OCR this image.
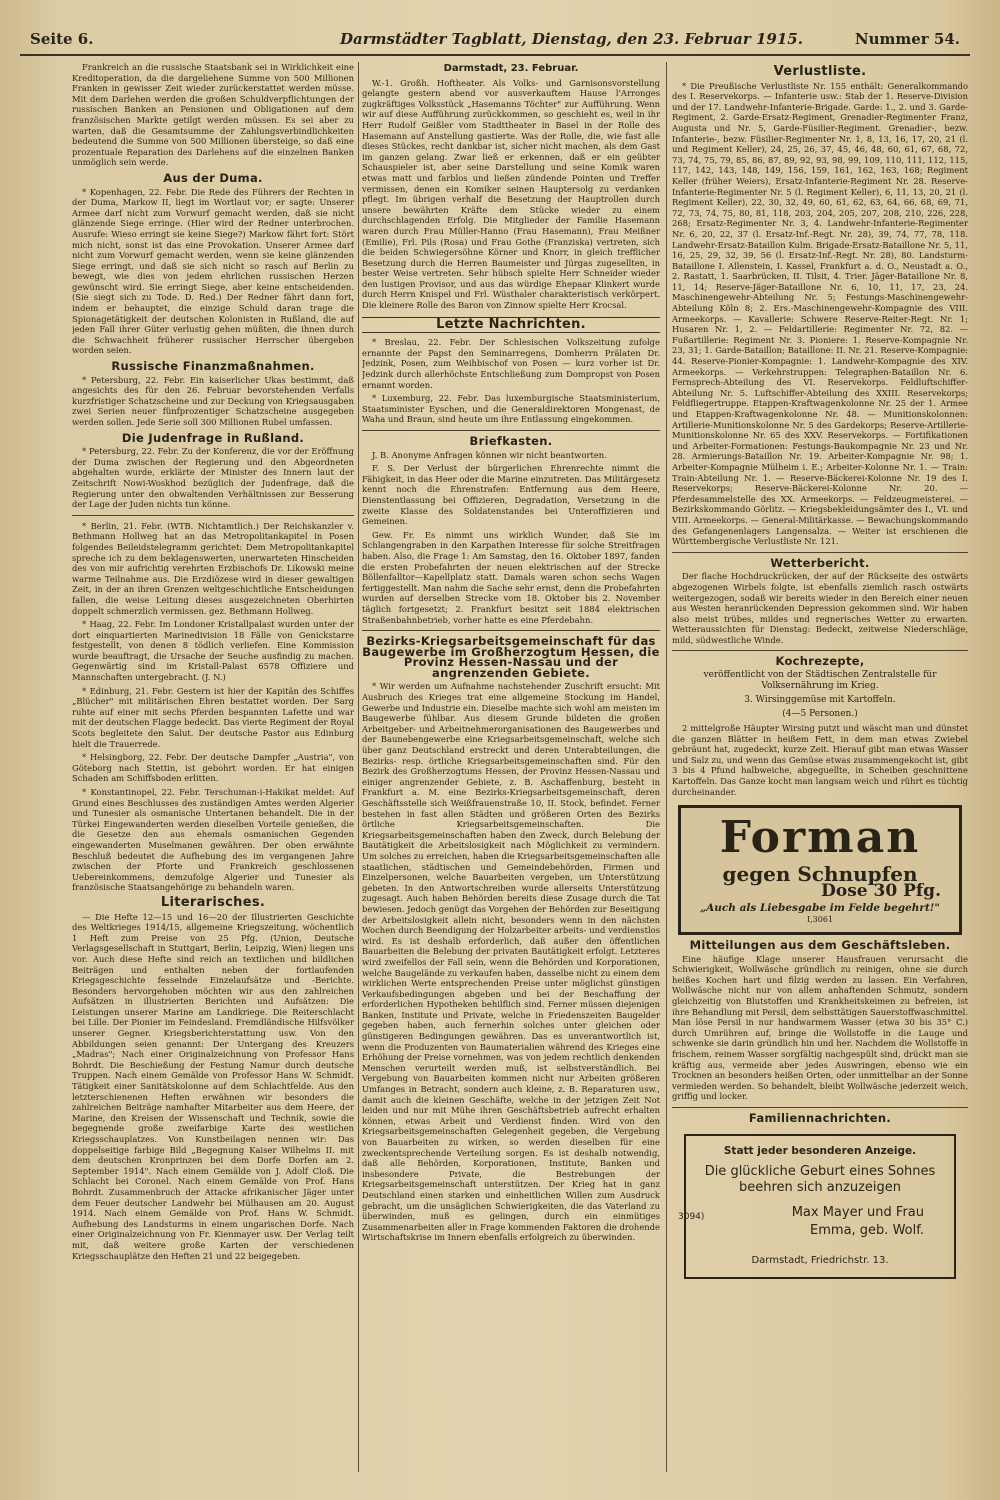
Seite 6.	Darmstädter Tagblatt, Dienstag, den 23. Februar 1915.	Nummer 54.

Frankreich an die russische Staatsbank sei in Wirklichkeit eine Kreditoperation, da die dargeliehene Summe von 500 Millionen Franken in gewisser Zeit wieder zurückerstattet werden müsse. Mit dem Darlehen werden die großen Schuldverpflichtungen der russischen Banken an Pensionen und Obligationen auf dem französischen Markte getilgt werden müssen. Es sei aber zu warten, daß die Gesamtsumme der Zahlungsverbindlichkeiten bedeutend die Summe von 500 Millionen übersteige, so daß eine prozentuale Reparation des Darlehens auf die einzelnen Banken unmöglich sein werde.

Aus der Duma.

* Kopenhagen, 22. Febr. Die Rede des Führers der Rechten in der Duma, Markow II, liegt im Wortlaut vor; er sagte: Unserer Armee darf nicht zum Vorwurf gemacht werden, daß sie nicht glänzende Siege erringe. (Hier wird der Redner unterbrochen. Ausrufe: Wieso erringt sie keine Siege?) Markow fährt fort: Stört mich nicht, sonst ist das eine Provokation. Unserer Armee darf nicht zum Vorwurf gemacht werden, wenn sie keine glänzenden Siege erringt, und daß sie sich nicht so rasch auf Berlin zu bewegt, wie dies von jedem ehrlichen russischen Herzen gewünscht wird. Sie erringt Siege, aber keine entscheidenden. (Sie siegt sich zu Tode. D. Red.) Der Redner fährt dann fort, indem er behauptet, die einzige Schuld daran trage die Spionagetätigkeit der deutschen Kolonisten in Rußland, die auf jeden Fall ihrer Güter verlustig gehen müßten, die ihnen durch die Schwachheit früherer russischer Herrscher übergeben worden seien.

Russische Finanzmaßnahmen.

* Petersburg, 22. Febr. Ein kaiserlicher Ukas bestimmt, daß angesichts des für den 26. Februar bevorstehenden Verfalls kurzfristiger Schatzscheine und zur Deckung von Kriegsausgaben zwei Serien neuer fünfprozentiger Schatzscheine ausgegeben werden sollen. Jede Serie soll 300 Millionen Rubel umfassen.

Die Judenfrage in Rußland.

* Petersburg, 22. Febr. Zu der Konferenz, die vor der Eröffnung der Duma zwischen der Regierung und den Abgeordneten abgehalten wurde, erklärte der Minister des Innern laut der Zeitschrift Nowi-Woskhod bezüglich der Judenfrage, daß die Regierung unter den obwaltenden Verhältnissen zur Besserung der Lage der Juden nichts tun könne.

* Berlin, 21. Febr. (WTB. Nichtamtlich.) Der Reichskanzler v. Bethmann Hollweg hat an das Metropolitankapitel in Posen folgendes Beileidstelegramm gerichtet: Dem Metropolitankapitel spreche ich zu dem beklagenswerten, unerwarteten Hinscheiden des von mir aufrichtig verehrten Erzbischofs Dr. Likowski meine warme Teilnahme aus. Die Erzdiözese wird in dieser gewaltigen Zeit, in der an ihren Grenzen weltgeschichtliche Entscheidungen fallen, die weise Leitung dieses ausgezeichneten Oberhirten doppelt schmerzlich vermissen. gez. Bethmann Hollweg.

* Haag, 22. Febr. Im Londoner Kristallpalast wurden unter der dort einquartierten Marinedivision 18 Fälle von Genickstarre festgestellt, von denen 8 tödlich verliefen. Eine Kommission wurde beauftragt, die Ursache der Seuche ausfindig zu machen. Gegenwärtig sind im Kristall-Palast 6578 Offiziere und Mannschaften untergebracht. (J. N.)

* Edinburg, 21. Febr. Gestern ist hier der Kapitän des Schiffes „Blücher" mit militärischen Ehren bestattet worden. Der Sarg ruhte auf einer mit sechs Pferden bespannten Lafette und war mit der deutschen Flagge bedeckt. Das vierte Regiment der Royal Scots begleitete den Salut. Der deutsche Pastor aus Edinburg hielt die Trauerrede.

* Helsingborg, 22. Febr. Der deutsche Dampfer „Austria", von Göteborg nach Stettin, ist gebohrt worden. Er hat einigen Schaden am Schiffsboden erlitten.

* Konstantinopel, 22. Febr. Terschuman-i-Hakikat meldet: Auf Grund eines Beschlusses des zuständigen Amtes werden Algerier und Tunesier als osmanische Untertanen behandelt. Die in der Türkei Eingewanderten werden dieselben Vorteile genießen, die die Gesetze den aus ehemals osmanischen Gegenden eingewanderten Muselmanen gewähren. Der oben erwähnte Beschluß bedeutet die Aufhebung des im vergangenen Jahre zwischen der Pforte und Frankreich geschlossenen Uebereinkommens, demzufolge Algerier und Tunesier als französische Staatsangehörige zu behandeln waren.

Literarisches.

— Die Hefte 12—15 und 16—20 der Illustrierten Geschichte des Weltkrieges 1914/15, allgemeine Kriegszeitung, wöchentlich 1 Heft zum Preise von 25 Pfg. (Union, Deutsche Verlagsgesellschaft in Stuttgart, Berlin, Leipzig, Wien) liegen uns vor. Auch diese Hefte sind reich an textlichen und bildlichen Beiträgen und enthalten neben der fortlaufenden Kriegsgeschichte fesselnde Einzelaufsätze und -Berichte. Besonders hervorgehoben möchten wir aus den zahlreichen Aufsätzen in illustrierten Berichten und Aufsätzen: Die Leistungen unserer Marine am Landkriege. Die Reiterschlacht bei Lille. Der Pionier im Feindesland. Fremdländische Hilfsvölker unserer Gegner. Kriegsberichterstattung usw. Von den Abbildungen seien genannt: Der Untergang des Kreuzers „Madras"; Nach einer Originalzeichnung von Professor Hans Bohrdt. Die Beschießung der Festung Namur durch deutsche Truppen. Nach einem Gemälde von Professor Hans W. Schmidt. Tätigkeit einer Sanitätskolonne auf dem Schlachtfelde. Aus den letzterschienenen Heften erwähnen wir besonders die zahlreichen Beiträge namhafter Mitarbeiter aus dem Heere, der Marine, den Kreisen der Wissenschaft und Technik, sowie die begegnende große zweifarbige Karte des westlichen Kriegsschauplatzes. Von Kunstbeilagen nennen wir: Das doppelseitige farbige Bild „Begegnung Kaiser Wilhelms II. mit dem deutschen Kronprinzen bei dem Dorfe Dorfen am 2. September 1914". Nach einem Gemälde von J. Adolf Cloß. Die Schlacht bei Coronel. Nach einem Gemälde von Prof. Hans Bohrdt. Zusammenbruch der Attacke afrikanischer Jäger unter dem Feuer deutscher Landwehr bei Mülhausen am 20. August 1914. Nach einem Gemälde von Prof. Hans W. Schmidt. Aufhebung des Landsturms in einem ungarischen Dorfe. Nach einer Originalzeichnung von Fr. Kienmayer usw. Der Verlag teilt mit, daß weitere große Karten der verschiedenen Kriegsschauplätze den Heften 21 und 22 beigegeben.

Darmstadt, 23. Februar.

W.-1. Großh. Hoftheater. Als Volks- und Garnisonsvorstellung gelangte gestern abend vor ausverkauftem Hause l'Arronges zugkräftiges Volksstück „Hasemanns Töchter" zur Aufführung. Wenn wir auf diese Aufführung zurückkommen, so geschieht es, weil in ihr Herr Rudolf Geißler vom Stadttheater in Basel in der Rolle des Hasemann auf Anstellung gastierte. Was der Rolle, die, wie fast alle dieses Stückes, recht dankbar ist, sicher nicht machen, als dem Gast im ganzen gelang. Zwar ließ er erkennen, daß er ein geübter Schauspieler ist, aber seine Darstellung und seine Komik waren etwas matt und farblos und ließen zündende Pointen und Treffer vermissen, denen ein Komiker seinen Hauptersolg zu verdanken pflegt. Im übrigen verhalf die Besetzung der Hauptrollen durch unsere bewährten Kräfte dem Stücke wieder zu einem durchschlagenden Erfolg. Die Mitglieder der Familie Hasemann waren durch Frau Müller-Hanno (Frau Hasemann), Frau Meißner (Emilie), Frl. Pils (Rosa) und Frau Gothe (Franziska) vertreten, sich die beiden Schwiegersöhne Körner und Knorr, in gleich trefflicher Besetzung durch die Herren Baumeister und Jürgas zugesellten, in bester Weise vertreten. Sehr hübsch spielte Herr Schneider wieder den lustigen Provisor, und aus das würdige Ehepaar Klinkert wurde durch Herrn Knispel und Frl. Wüsthaler charakteristisch verkörpert. Die kleinere Rolle des Baron von Zinnow spielte Herr Krocsal.

Letzte Nachrichten.

* Breslau, 22. Febr. Der Schlesischen Volkszeitung zufolge ernannte der Papst den Seminarregens, Domherrn Prälaten Dr. Jedzink, Posen, zum Weihbischof von Posen — kurz vorher ist Dr. Jedzink durch allerhöchste Entschließung zum Dompropst von Posen ernannt worden.

* Luxemburg, 22. Febr. Das luxemburgische Staatsministerium, Staatsminister Eyschen, und die Generaldirektoren Mongenast, de Waha und Braun, sind heute um ihre Entlassung eingekommen.

Briefkasten.

J. B. Anonyme Anfragen können wir nicht beantworten.

F. S. Der Verlust der bürgerlichen Ehrenrechte nimmt die Fähigkeit, in das Heer oder die Marine einzutreten. Das Militärgesetz kennt noch die Ehrenstrafen: Entfernung aus dem Heere, Dienstentlassung bei Offizieren, Degradation, Versetzung in die zweite Klasse des Soldatenstandes bei Unteroffizieren und Gemeinen.

Gew. Fr. Es nimmt uns wirklich Wunder, daß Sie im Schlangengraben in den Karpathen Interesse für solche Streitfragen haben. Also, die Frage 1: Am Samstag, den 16. Oktober 1897, fanden die ersten Probefahrten der neuen elektrischen auf der Strecke Böllenfalltor—Kapellplatz statt. Damals waren schon sechs Wagen fertiggestellt. Man nahm die Sache sehr ernst, denn die Probefahrten wurden auf derselben Strecke vom 18. Oktober bis 2. November täglich fortgesetzt; 2. Frankfurt besitzt seit 1884 elektrischen Straßenbahnbetrieb, vorher hatte es eine Pferdebahn.

Bezirks-Kriegsarbeitsgemeinschaft für das Baugewerbe im Großherzogtum Hessen, die Provinz Hessen-Nassau und der angrenzenden Gebiete.

* Wir werden um Aufnahme nachstehender Zuschrift ersucht: Mit Ausbruch des Krieges trat eine allgemeine Stockung im Handel, Gewerbe und Industrie ein. Dieselbe machte sich wohl am meisten im Baugewerbe fühlbar. Aus diesem Grunde bildeten die großen Arbeitgeber- und Arbeitnehmerorganisationen des Baugewerbes und der Baunebengewerbe eine Kriegsarbeitsgemeinschaft, welche sich über ganz Deutschland erstreckt und deren Unterabteilungen, die Bezirks- resp. örtliche Kriegsarbeitsgemeinschaften sind. Für den Bezirk des Großherzogtums Hessen, der Provinz Hessen-Nassau und einiger angrenzender Gebiete, z. B. Aschaffenburg, besteht in Frankfurt a. M. eine Bezirks-Kriegsarbeitsgemeinschaft, deren Geschäftsstelle sich Weißfrauenstraße 10, II. Stock, befindet. Ferner bestehen in fast allen Städten und größeren Orten des Bezirks örtliche Kriegsarbeitsgemeinschaften. Die Kriegsarbeitsgemeinschaften haben den Zweck, durch Belebung der Bautätigkeit die Arbeitslosigkeit nach Möglichkeit zu vermindern. Um solches zu erreichen, haben die Kriegsarbeitsgemeinschaften alle staatlichen, städtischen und Gemeindebehörden, Firmen und Einzelpersonen, welche Bauarbeiten vergeben, um Unterstützung gebeten. In den Antwortschreiben wurde allerseits Unterstützung zugesagt. Auch haben Behörden bereits diese Zusage durch die Tat bewiesen. Jedoch genügt das Vorgehen der Behörden zur Beseitigung der Arbeitslosigkeit allein nicht, besonders wenn in den nächsten Wochen durch Beendigung der Holzarbeiter arbeits- und verdienstlos wird. Es ist deshalb erforderlich, daß außer den öffentlichen Bauarbeiten die Belebung der privaten Bautätigkeit erfolgt. Letzteres wird zweifellos der Fall sein, wenn die Behörden und Korporationen, welche Baugelände zu verkaufen haben, dasselbe nicht zu einem dem wirklichen Werte entsprechenden Preise unter möglichst günstigen Verkaufsbedingungen abgeben und bei der Beschaffung der erforderlichen Hypotheken behilflich sind. Ferner müssen diejenigen Banken, Institute und Private, welche in Friedenszeiten Baugelder gegeben haben, auch fernerhin solches unter gleichen oder günstigeren Bedingungen gewähren. Das es unverantwortlich ist, wenn die Produzenten von Baumaterialien während des Krieges eine Erhöhung der Preise vornehmen, was von jedem rechtlich denkenden Menschen verurteilt werden muß, ist selbstverständlich. Bei Vergebung von Bauarbeiten kommen nicht nur Arbeiten größeren Umfanges in Betracht, sondern auch kleine, z. B. Reparaturen usw., damit auch die kleinen Geschäfte, welche in der jetzigen Zeit Not leiden und nur mit Mühe ihren Geschäftsbetrieb aufrecht erhalten können, etwas Arbeit und Verdienst finden. Wird von den Kriegsarbeitsgemeinschaften Gelegenheit gegeben, die Vergebung von Bauarbeiten zu wirken, so werden dieselben für eine zweckentsprechende Verteilung sorgen. Es ist deshalb notwendig, daß alle Behörden, Korporationen, Institute, Banken und insbesondere Private, die Bestrebungen der Kriegsarbeitsgemeinschaft unterstützen. Der Krieg hat in ganz Deutschland einen starken und einheitlichen Willen zum Ausdruck gebracht, um die unsäglichen Schwierigkeiten, die das Vaterland zu überwinden, muß es gelingen, durch ein einmütiges Zusammenarbeiten aller in Frage kommenden Faktoren die drohende Wirtschaftskrise im Innern ebenfalls erfolgreich zu überwinden.

Verlustliste.

* Die Preußische Verlustliste Nr. 155 enthält: Generalkommando des I. Reservekorps. — Infanterie usw.: Stab der 1. Reserve-Division und der 17. Landwehr-Infanterie-Brigade. Garde: 1., 2. und 3. Garde-Regiment, 2. Garde-Ersatz-Regiment, Grenadier-Regimenter Franz, Augusta und Nr. 5, Garde-Füsilier-Regiment. Grenadier-, bezw. Infanterie-, bezw. Füsilier-Regimenter Nr. 1, 8, 13, 16, 17, 20, 21 (l. und Regiment Keller), 24, 25, 26, 37, 45, 46, 48, 60, 61, 67, 68, 72, 73, 74, 75, 79, 85, 86, 87, 89, 92, 93, 98, 99, 109, 110, 111, 112, 115, 117, 142, 143, 148, 149, 156, 159, 161, 162, 163, 168; Regiment Keller (früher Weiers), Ersatz-Infanterie-Regiment Nr. 28. Reserve-Infanterie-Regimenter Nr. 5 (l. Regiment Keller), 6, 11, 13, 20, 21 (l. Regiment Keller), 22, 30, 32, 49, 60, 61, 62, 63, 64, 66, 68, 69, 71, 72, 73, 74, 75, 80, 81, 118, 203, 204, 205, 207, 208, 210, 226, 228, 268; Ersatz-Regimenter Nr. 3, 4. Landwehr-Infanterie-Regimenter Nr. 6, 20, 22, 37 (l. Ersatz-Inf.-Regt. Nr. 28), 39, 74, 77, 78, 118. Landwehr-Ersatz-Bataillon Kulm. Brigade-Ersatz-Bataillone Nr. 5, 11, 16, 25, 29, 32, 39, 56 (l. Ersatz-Inf.-Regt. Nr. 28), 80. Landsturm-Bataillone I. Allenstein, I. Kassel, Frankfurt a. d. O., Neustadt a. O., 2. Rastatt, 1. Saarbrücken, II. Tilsit, 4. Trier. Jäger-Bataillone Nr. 8, 11, 14; Reserve-Jäger-Bataillone Nr. 6, 10, 11, 17, 23, 24. Maschinengewehr-Abteilung Nr. 5; Festungs-Maschinengewehr-Abteilung Köln 8; 2. Ers.-Maschinengewehr-Kompagnie des VIII. Armeekorps. — Kavallerie: Schwere Reserve-Reiter-Regt. Nr. 1; Husaren Nr. 1, 2. — Feldartillerie: Regimenter Nr. 72, 82. — Fußartillerie: Regiment Nr. 3. Pioniere: 1. Reserve-Kompagnie Nr. 23, 31; 1. Garde-Bataillon; Bataillone: II. Nr. 21. Reserve-Kompagnie: 44. Reserve-Pionier-Kompagnie: 1. Landwehr-Kompagnie des XIV. Armeekorps. — Verkehrstruppen: Telegraphen-Bataillon Nr. 6. Fernsprech-Abteilung des VI. Reservekorps. Feldluftschiffer-Abteilung Nr. 5. Luftschiffer-Abteilung des XXIII. Reservekorps; Feldfliegertruppe. Etappen-Kraftwagenkolonne Nr. 25 der 1. Armee und Etappen-Kraftwagenkolonne Nr. 48. — Munitionskolonnen: Artillerie-Munitionskolonne Nr. 5 des Gardekorps; Reserve-Artillerie-Munitionskolonne Nr. 65 des XXV. Reservekorps. — Fortifikationen und Arbeiter-Formationen: Festungs-Baukompagnie Nr. 23 und Nr. 28. Armierungs-Bataillon Nr. 19. Arbeiter-Kompagnie Nr. 98; 1. Arbeiter-Kompagnie Mülheim i. E.; Arbeiter-Kolonne Nr. 1. — Train: Train-Abteilung Nr. 1. — Reserve-Bäckerei-Kolonne Nr. 19 des I. Reservekorps; Reserve-Bäckerei-Kolonne Nr. 20. — Pferdesammelstelle des XX. Armeekorps. — Feldzeugmeisterei. — Bezirkskommando Görlitz. — Kriegsbekleidungsämter des I., VI. und VIII. Armeekorps. — General-Militärkasse. — Bewachungskommando des Gefangenenlagers Langensalza. — Weiter ist erschienen die Württembergische Verlustliste Nr. 121.

Wetterbericht.

Der flache Hochdruckrücken, der auf der Rückseite des ostwärts abgezogenen Wirbels folgte, ist ebenfalls ziemlich rasch ostwärts weitergezogen, sodaß wir bereits wieder in den Bereich einer neuen aus Westen heranrückenden Depression gekommen sind. Wir haben also meist trübes, mildes und regnerisches Wetter zu erwarten. Wetteraussichten für Dienstag: Bedeckt, zeitweise Niederschläge, mild, südwestliche Winde.

Kochrezepte,
veröffentlicht von der Städtischen Zentralstelle für Volksernährung im Krieg.
3. Wirsinggemüse mit Kartoffeln.
(4—5 Personen.)

2 mittelgroße Häupter Wirsing putzt und wäscht man und dünstet die ganzen Blätter in heißem Fett, in dem man etwas Zwiebel gebräunt hat, zugedeckt, kurze Zeit. Hierauf gibt man etwas Wasser und Salz zu, und wenn das Gemüse etwas zusammengekocht ist, gibt 3 bis 4 Pfund halbweiche, abgeguellte, in Scheiben geschnittene Kartoffeln. Das Ganze kocht man langsam weich und rührt es tüchtig durcheinander.

Forman
gegen Schnupfen
Dose 30 Pfg.
„Auch als Liebesgabe im Felde begehrt!"
I,3061
Mitteilungen aus dem Geschäftsleben.

Eine häufige Klage unserer Hausfrauen verursacht die Schwierigkeit, Wollwäsche gründlich zu reinigen, ohne sie durch heißes Kochen hart und filzig werden zu lassen. Ein Verfahren, Wollwäsche nicht nur von allem anhaftenden Schmutz, sondern gleichzeitig von Blutstoffen und Krankheitskeimen zu befreien, ist ihre Behandlung mit Persil, dem selbsttätigen Sauerstoffwaschmittel. Man löse Persil in nur handwarmem Wasser (etwa 30 bis 35° C.) durch Umrühren auf, bringe die Wollstoffe in die Lauge und schwenke sie darin gründlich hin und her. Nachdem die Wollstoffe in frischem, reinem Wasser sorgfältig nachgespült sind, drückt man sie kräftig aus, vermeide aber jedes Auswringen, ebenso wie ein Trocknen an besonders heißen Orten, oder unmittelbar an der Sonne vermieden werden. So behandelt, bleibt Wollwäsche jederzeit weich, griffig und locker.

Familiennachrichten.
Statt jeder besonderen Anzeige.
Die glückliche Geburt eines Sohnes
beehren sich anzuzeigen
Max Mayer und Frau
Emma, geb. Wolf.
3094)
Darmstadt, Friedrichstr. 13.
